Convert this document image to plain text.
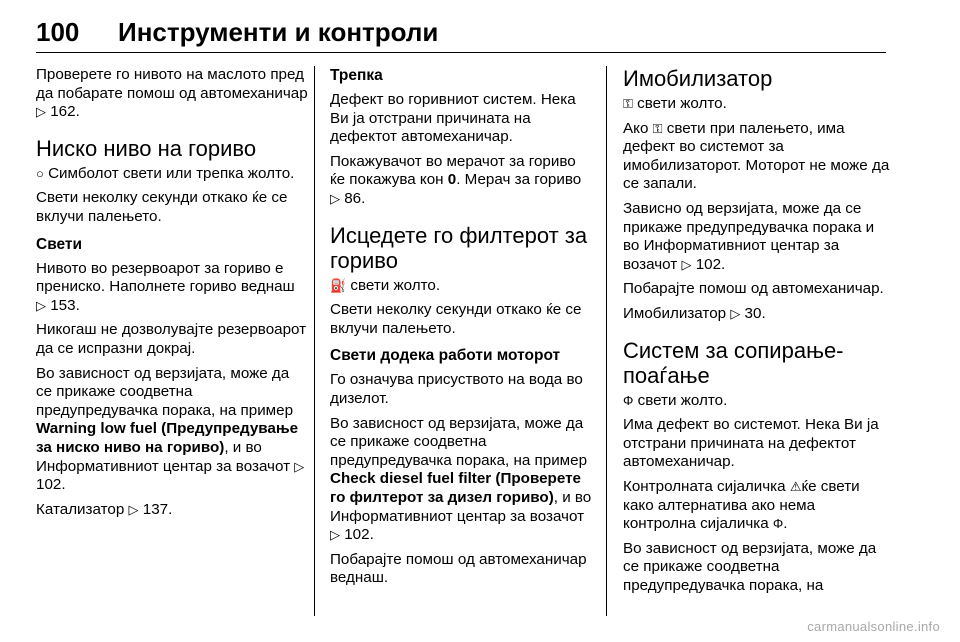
100	Инструменти и контроли

Проверете го нивото на маслото пред да побарате помош од автомеханичар ▷ 162.

Ниско ниво на гориво

○ Симболот свети или трепка жолто.

Свети неколку секунди откако ќе се вклучи палењето.

Свети

Нивото во резервоарот за гориво е прениско. Наполнете гориво веднаш ▷ 153.

Никогаш не дозволувајте резервоарот да се испразни докрај.

Во зависност од верзијата, може да се прикаже соодветна предупредувачка порака, на пример Warning low fuel (Предупредување за ниско ниво на гориво), и во Информативниот центар за возачот ▷ 102.

Катализатор ▷ 137.

Трепка

Дефект во горивниот систем. Нека Ви ја отстрани причината на дефектот автомеханичар.

Покажувачот во мерачот за гориво ќе покажува кон 0. Мерач за гориво ▷ 86.

Исцедете го филтерот за гориво

⛽ свети жолто.

Свети неколку секунди откако ќе се вклучи палењето.

Свети додека работи моторот

Го означува присуството на вода во дизелот.

Во зависност од верзијата, може да се прикаже соодветна предупредувачка порака, на пример Check diesel fuel filter (Проверете го филтерот за дизел гориво), и во Информативниот центар за возачот ▷ 102.

Побарајте помош од автомеханичар веднаш.

Имобилизатор

⚿ свети жолто.

Ако ⚿ свети при палењето, има дефект во системот за имобилизаторот. Моторот не може да се запали.

Зависно од верзијата, може да се прикаже предупредувачка порака и во Информативниот центар за возачот ▷ 102.

Побарајте помош од автомеханичар.

Имобилизатор ▷ 30.

Систем за сопирање-поаѓање

Φ свети жолто.

Има дефект во системот. Нека Ви ја отстрани причината на дефектот автомеханичар.

Контролната сијаличка ⚠ќе свети како алтернатива ако нема контролна сијаличка Φ.

Во зависност од верзијата, може да се прикаже соодветна предупредувачка порака, на

carmanualsonline.info
